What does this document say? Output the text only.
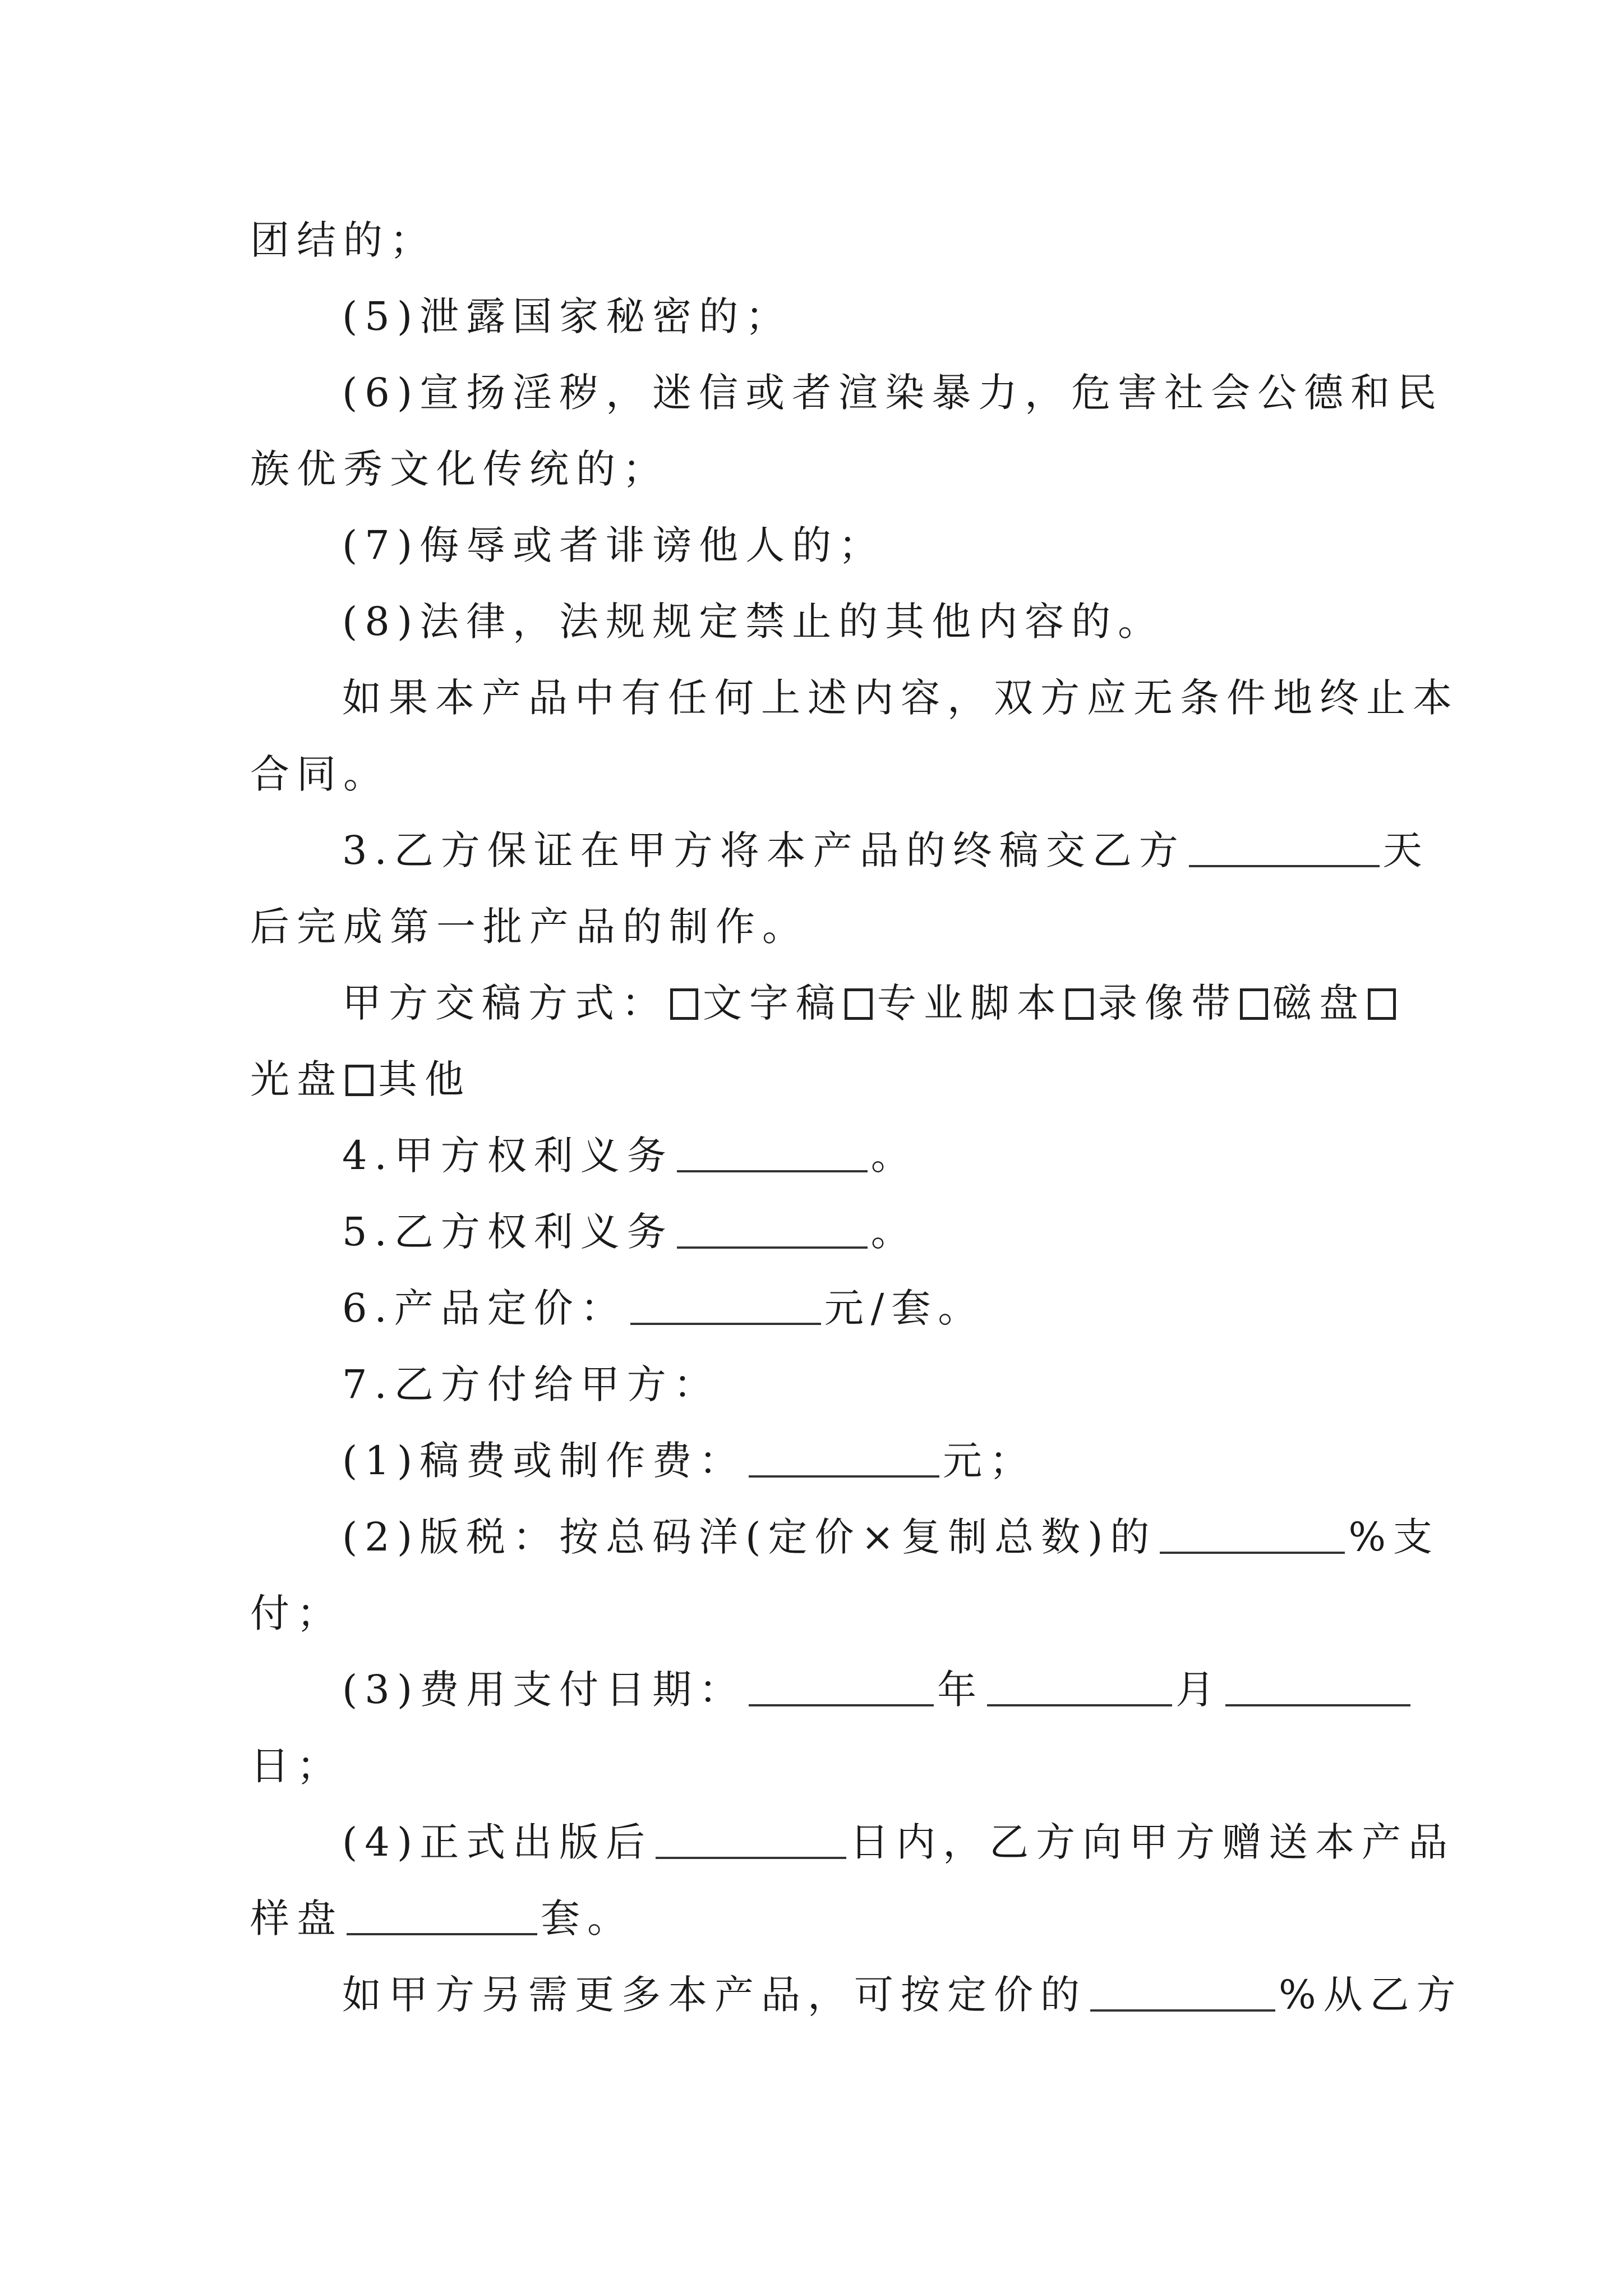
团结的；

(5)泄露国家秘密的；

(6)宣扬淫秽，迷信或者渲染暴力，危害社会公德和民

族优秀文化传统的；

(7)侮辱或者诽谤他人的；

(8)法律，法规规定禁止的其他内容的。

如果本产品中有任何上述内容，双方应无条件地终止本

合同。

3.乙方保证在甲方将本产品的终稿交乙方	天

后完成第一批产品的制作。

甲方交稿方式： 文字稿 专业脚本 录像带 磁盘

光盘 其他

4.甲方权利义务	。

5.乙方权利义务	。

6.产品定价：	元/套。

7.乙方付给甲方：

(1)稿费或制作费：	元；

(2)版税：按总码洋(定价×复制总数)的	%支

付；

(3)费用支付日期：	年	月

日；

(4)正式出版后	日内，乙方向甲方赠送本产品

样盘	套。

如甲方另需更多本产品，可按定价的	%从乙方
